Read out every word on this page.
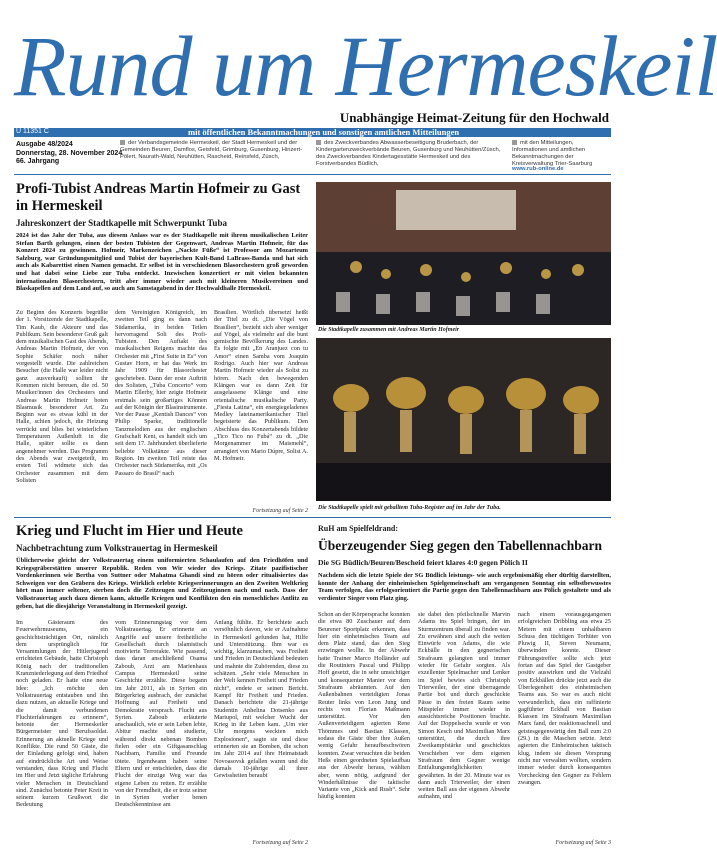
Rund um Hermeskeil
Unabhängige Heimat-Zeitung für den Hochwald
U 11351 C	mit öffentlichen Bekanntmachungen und sonstigen amtlichen Mitteilungen
Ausgabe 48/2024
Donnerstag, 28. November 2024
66. Jahrgang
der Verbandsgemeinde Hermeskeil, der Stadt Hermeskeil und der Gemeinden Beuren, Damflos, Geisfeld, Grimburg, Gusenburg, Hinzert-Pölert, Naurath-Wald, Neuhütten, Rascheid, Reinsfeld, Züsch,
des Zweckverbandes Abwasserbeseitigung Bruderbach, der Kindergartenzweckverbände Beuren, Gusenburg und Neuhütten/Züsch, des Zweckverbandes Kindertagesstätte Hermeskeil und des Forstverbandes Büdlich,
mit den Mitteilungen, Informationen und amtlichen Bekanntmachungen der Kreisverwaltung Trier-Saarburg
www.rub-online.de
Profi-Tubist Andreas Martin Hofmeir zu Gast in Hermeskeil
Jahreskonzert der Stadtkapelle mit Schwerpunkt Tuba
2024 ist das Jahr der Tuba, aus diesem Anlass war es der Stadtkapelle mit ihrem musikalischen Leiter Stefan Barth gelungen, einen der besten Tubisten der Gegenwart, Andreas Martin Hofmeir, für das Konzert 2024 zu gewinnen. Hofmeir, Markenzeichen „Nackte Füße“ ist Professor am Mozarteum Salzburg, war Gründungsmitglied und Tubist der bayerischen Kult-Band LaBrass-Banda und hat sich auch als Kabarettist einen Namen gemacht. Er selbst ist in verschiedenen Blasorchestern groß geworden und hat dabei seine Liebe zur Tuba entdeckt. Inzwischen konzertiert er mit vielen bekannten internationalen Blasorchestern, tritt aber immer wieder auch mit kleineren Musikvereinen und Blaskapellen auf dem Land auf, so auch am Samstagabend in der Hochwaldhalle Hermeskeil.
Zu Beginn des Konzerts begrüßte der 1. Vorsitzende der Stadtkapelle, Tim Kaub, die Akteure und das Publikum. Sein besonderer Gruß galt dem musikalischen Gast des Abends, Andreas Martin Hofmeir, der von Sophie Schäfer noch näher vorgestellt wurde. Die zahlreichen Besucher (die Halle war leider nicht ganz ausverkauft) sollten ihr Kommen nicht bereuen, die rd. 50 Musiker/innen des Orchesters und Andreas Martin Hofmeir boten Blasmusik besonderer Art. Zu Beginn war es etwas kühl in der Halle, schien jedoch, die Heizung verrückt und blies bei winterlichen Temperaturen Außenluft in die Halle, später sollte es dann angenehmer werden. Das Programm des Abends war zweigeteilt, im ersten Teil widmete sich das Orchester zusammen mit dem Solisten
dem Vereinigten Königreich, im zweiten Teil ging es dann nach Südamerika, in beiden Teilen hervorragend Soli des Profi-Tubisten. Den Auftakt des musikalischen Reigens machte das Orchester mit „First Suite in Es“ von Gustav Horn, er hat das Werk im Jahr 1909 für Blasorchester geschrieben. Dann der erste Auftritt des Solisten, „Tuba Concerto“ vom Martin Ellerby, hier zeigte Hofmeir erstmals sein großartiges Können auf der Königin der Blasinstrumente. Vor der Pause „Kentish Dances“ von Philip Sparke, traditionelle Tanzmelodien aus der englischen Grafschaft Kent, es handelt sich um seit dem 17. Jahrhundert überlieferte beliebte Volkstänze aus dieser Region. Im zweiten Teil reiste das Orchester nach Südamerika, mit „Os Passaro do Brasil“ nach
Brasilien. Wörtlich übersetzt heißt der Titel zu dt. „Die Vögel von Brasilien“, bezieht sich aber weniger auf Vögel, als vielmehr auf die bunt gemischte Bevölkerung des Landes. Es folgte mit „En Aranjuez con tu Amor“ einen Samba vom Joaquin Rodrigo. Auch hier war Andreas Martin Hofmeir wieder als Solist zu hören. Nach den bewegenden Klängen war es dann Zeit für ausgelassene Klänge und eine orientalische musikalische Party. „Fiesta Latina“, ein energiegeladenes Medley lateinamerikanischer Titel begeisterte das Publikum. Den Abschluss des Konzertabends bildete „Tico Tico no Fubá“ zu dt. „Die Morgenammer im Maismehl“, arrangiert von Mario Dúpre, Solist A. M. Hofmeir.
Fortsetzung auf Seite 2
Die Stadtkapelle zusammen mit Andreas Martin Hofmeir
Die Stadtkapelle spielt mit geballtem Tuba-Register auf im Jahr der Tuba.
Krieg und Flucht im Hier und Heute
Nachbetrachtung zum Volkstrauertag in Hermeskeil
Üblicherweise gleicht der Volkstrauertag einem uniformierten Schaulaufen auf den Friedhöfen und Kriegsgräberstätten unserer Republik. Reden von Wir wieder des Kriegs. Zitate pazifistischer Vordenkerinnen wie Bertha von Suttner oder Mahatma Ghandi sind zu hören oder ritualisiertes das Schweigen vor den Gräbern des Kriegs. Wirklich erlebte Kriegserinnerungen an den Zweiten Weltkrieg hört man immer seltener, sterben doch die Zeitzeugen und Zeitzeuginnen nach und nach. Dass der Volkstrauertag auch dazu dienen kann, aktuelle Kriegen und Konflikten den ein menschliches Antlitz zu geben, hat die diesjährige Veranstaltung in Hermeskeil gezeigt.
Im Gästeraum des Feuerwehrmuseums, ein geschichtsträchtigen Ort, nämlich dem ursprünglich für Versammlungen der Hitlerjugend errichteten Gebäude, hatte Christoph König nach der traditionellen Kranzniederlegung auf dem Friedhof noch geladen. Er hatte eine neue Idee: „Ich möchte den Volkstrauertag entstauben und ihn dazu nutzen, an aktuelle Kriege und die damit verbundenen Fluchterfahrungen zu erinnern“, betonte der Hermeskeiler Bürgermeister und Berufssoldat. Erinnerung an aktuelle Kriege und Konflikte. Die rund 50 Gäste, die der Einladung gefolgt sind, haben auf eindrückliche Art und Weise verstanden, dass Krieg und Flucht im Hier und Jetzt tägliche Erfahrung vieler Menschen in Deutschland sind. Zunächst betonte Peter Kreit in seinem kurzen Grußwort die Bedeutung
vom Erinnerungstag vor dem Volkstrauertag. Er erinnerte an Angriffe auf unsere freiheitliche Gesellschaft durch islamistisch motivierte Terrorakte. Wie passend, dass daran anschließend Osama Zaboub, Arzt am Marienhaus Campus Hermeskeil seine Geschichte erzählte. Diese begann im Jahr 2011, als in Syrien ein Bürgerkrieg ausbrach, der zunächst Hoffnung auf Freiheit und Demokratie versprach. Flucht aus Syrien. Zaboub erläuterte anschaulich, wie er sein Leben lebte, Abitur machte und studierte, während direkt nebenan Bomben fielen oder ein Giftgasanschlag Nachbarn, Familie und Freunde tötete. Irgendwann haben seine Eltern und er entschieden, dass die Flucht der einzige Weg war das eigene Leben zu retten. Er erzählte von der Fremdheit, die er trotz seiner in Syrien vorher benen Deutschkenntnisse am
Anfang fühlte. Er berichtete auch versöhnlich davon, wie er Aufnahme in Hermeskeil gefunden hat, Hilfe und Unterstützung. Ihm war es wichtig, klarzumachen, was Freiheit und Frieden in Deutschland bedeuten und mahnte die Zuhörenden, diese zu schätzen. „Sehr viele Menschen in der Welt kennen Freiheit und Frieden nicht“, endete er seinen Bericht. Kampf für Freiheit und Frieden. Danach berichtete die 21-jährige Studentin Anhelina Dotsenko aus Mariupol, mit welcher Wucht der Krieg in ihr Leben kam. „Um vier Uhr morgens weckten mich Explosionen“, sagte sie und diese erinnerten sie an Bomben, die schon im Jahr 2014 auf ihre Heimatstadt Novoasovsk gefallen waren und die damals 10-jährige all ihrer Gewissheiten beraubt
Fortsetzung auf Seite 2
RuH am Spielfeldrand:
Überzeugender Sieg gegen den Tabellennachbarn
Die SG Büdlich/Beuren/Bescheid feiert klares 4:0 gegen Pölich II
Nachdem sich die letzte Spiele der SG Büdlich leistungs- wie auch ergebnismäßig eher dürftig darstellten, konnte der Anhang der einheimischen Spielgemeinschaft am vergangenen Sonntag ein selbstbewusstes Team verfolgen, das erfolgsorientiert die Partie gegen den Tabellennachbarn aus Pölich gestaltete und als verdienter Sieger vom Platz ging.
Schon an der Körpersprache konnten die etwa 80 Zuschauer auf dem Beurener Sportplatz erkennen, dass hier ein einheimisches Team auf dem Platz stand, das den Sieg erzwingen wollte. In der Abwehr hatte Trainer Marco Holländer auf die Routiniers Pascal und Philipp Hoff gesetzt, die in sehr umsichtiger und konsequenter Manier vor dem Strafraum abräumten. Auf den Außenbahnen verteidigten Jonas Reuter links von Leon Jung und rechts von Florian Maßmann unterstützt. Vor den Außenverteidigern agierten Rene Thömmes und Bastian Klassen, sodass die Gäste über ihre Außen wenig Gefahr heraufbeschwören konnten. Zwar versuchten die beiden Heßs einen geordneten Spielaufbau aus der Abwehr heraus, wählten aber, wenn nötig, aufgrund der Winderhältnisse die taktische Variante von „Kick and Rush“. Sehr häufig konnten
sie dabei den pfeilschnelle Marvin Adams ins Spiel bringen, der im Sturmzentrum überall zu finden war. Zu erwähnen sind auch die weiten Einwürfe von Adams, die wie Eckbälle in den gegnerischen Strafraum gelangten und immer wieder für Gefahr sorgten. Als exzellenter Spielmacher und Lenker im Spiel bewies sich Christoph Trierweiler, der eine überragende Partie bot und durch geschickte Pässe in den freien Raum seine Mitspieler immer wieder in aussichtsreiche Positionen brachte. Auf der Doppelsechs wurde er von Simon Kesch und Maximilian Marx unterstützt, die durch ihre Zweikampfstärke und geschicktes Verschieben vor dem eigenen Strafraum dem Gegner wenige Entfaltungsmöglichkeiten gewährten. In der 20. Minute war es dann auch Trierweiler, der einen weiten Ball aus der eigenen Abwehr aufnahm, und
nach einem vorausgegangenen erfolgreichen Dribbling aus etwa 25 Metern mit einem unhaltbaren Schuss den tüchtigen Torhüter von Pluwig II, Steven Neumann, überwinden konnte. Dieser Führungstreffer sollte sich jetzt fortan auf das Spiel der Gastgeber positiv auswirken und die Vielzahl von Eckbällen drückte jetzt auch die Überlegenheit des einheimischen Teams aus. So war es auch nicht verwunderlich, dass ein raffinierte gagführter Eckball von Bastian Klassen im Strafraum Maximilian Marx fand, der reaktionsschnell und geistesgegenwärtig den Ball zum 2:0 (29.) in die Maschen setzte. Jetzt agierten die Einheimischen taktisch klug, indem sie diesen Vorsprung nicht nur verwalten wollten, sondern immer wieder durch konsequentes Vorchecking den Gegner zu Fehlern zwangen.
Fortsetzung auf Seite 3
